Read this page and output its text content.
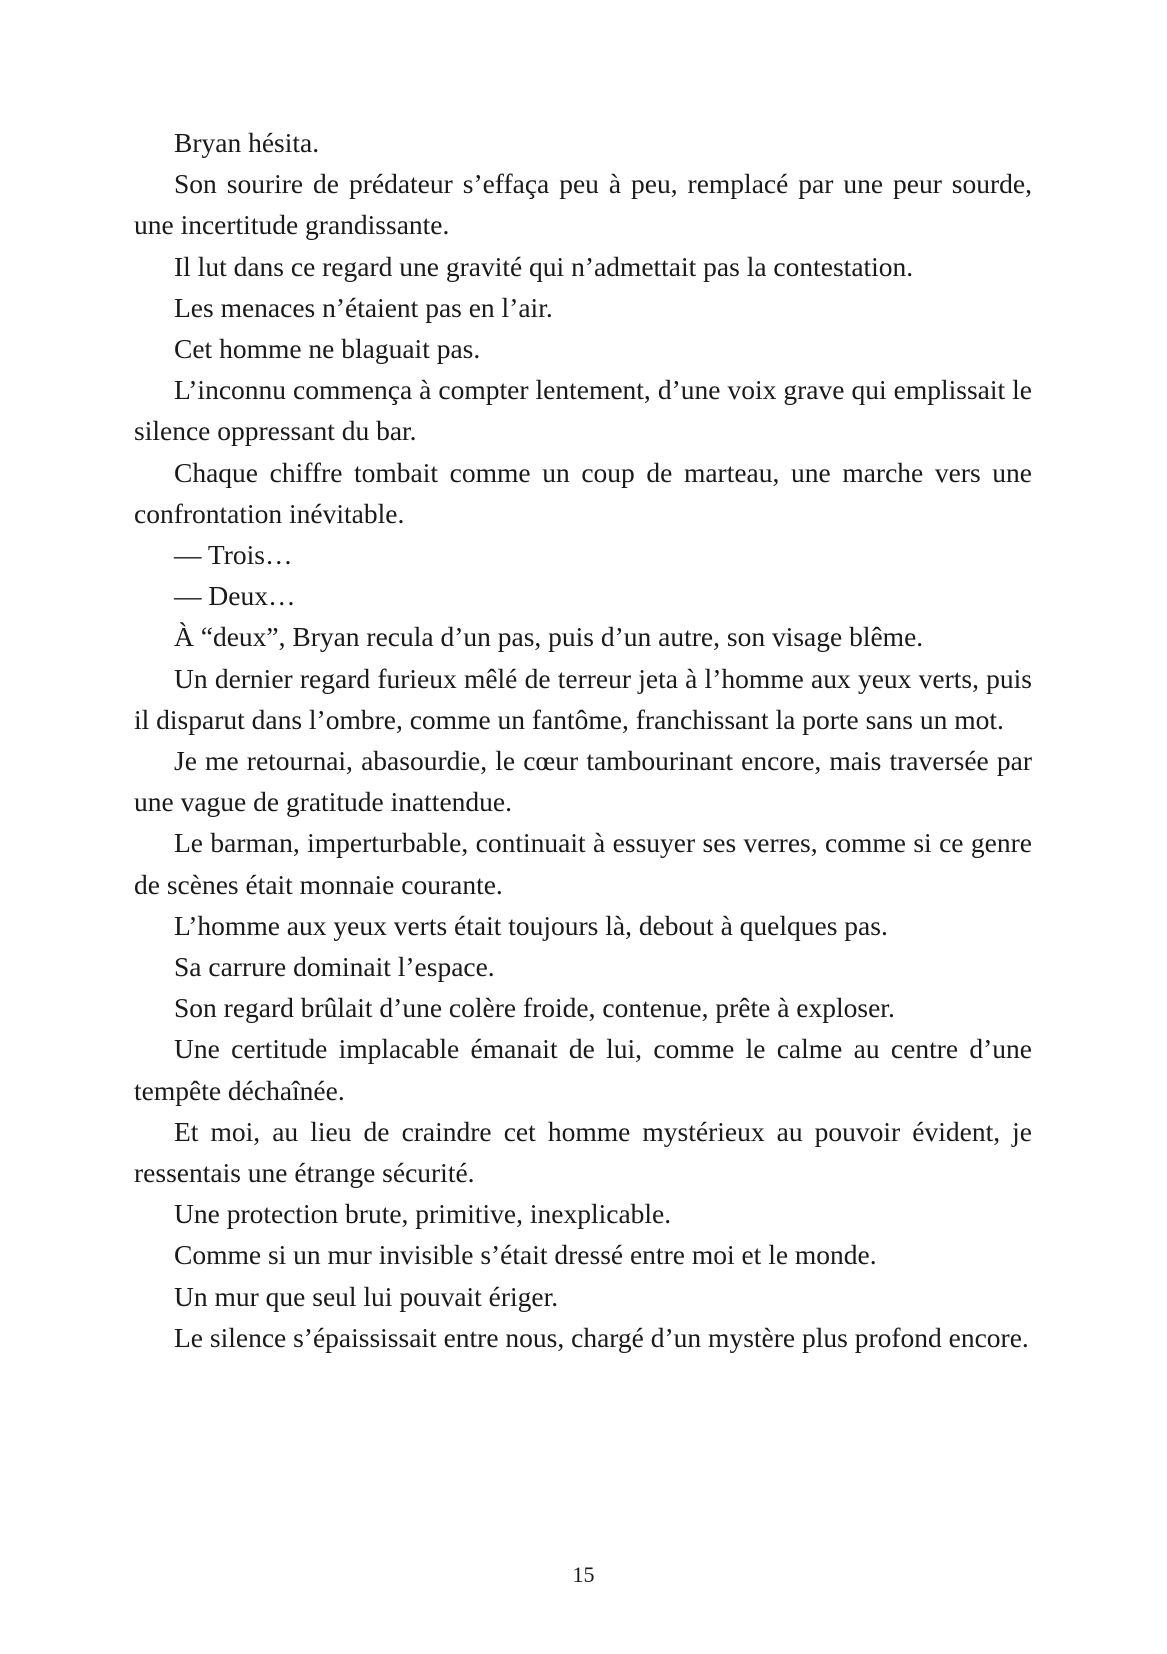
Bryan hésita.

Son sourire de prédateur s’effaça peu à peu, remplacé par une peur sourde, une incertitude grandissante.

Il lut dans ce regard une gravité qui n’admettait pas la contestation.

Les menaces n’étaient pas en l’air.

Cet homme ne blaguait pas.

L’inconnu commença à compter lentement, d’une voix grave qui emplissait le silence oppressant du bar.

Chaque chiffre tombait comme un coup de marteau, une marche vers une confrontation inévitable.

— Trois…

— Deux…

À “deux”, Bryan recula d’un pas, puis d’un autre, son visage blême.

Un dernier regard furieux mêlé de terreur jeta à l’homme aux yeux verts, puis il disparut dans l’ombre, comme un fantôme, franchissant la porte sans un mot.

Je me retournai, abasourdie, le cœur tambourinant encore, mais traversée par une vague de gratitude inattendue.

Le barman, imperturbable, continuait à essuyer ses verres, comme si ce genre de scènes était monnaie courante.

L’homme aux yeux verts était toujours là, debout à quelques pas.

Sa carrure dominait l’espace.

Son regard brûlait d’une colère froide, contenue, prête à exploser.

Une certitude implacable émanait de lui, comme le calme au centre d’une tempête déchaînée.

Et moi, au lieu de craindre cet homme mystérieux au pouvoir évident, je ressentais une étrange sécurité.

Une protection brute, primitive, inexplicable.

Comme si un mur invisible s’était dressé entre moi et le monde.

Un mur que seul lui pouvait ériger.

Le silence s’épaississait entre nous, chargé d’un mystère plus profond encore.

15
